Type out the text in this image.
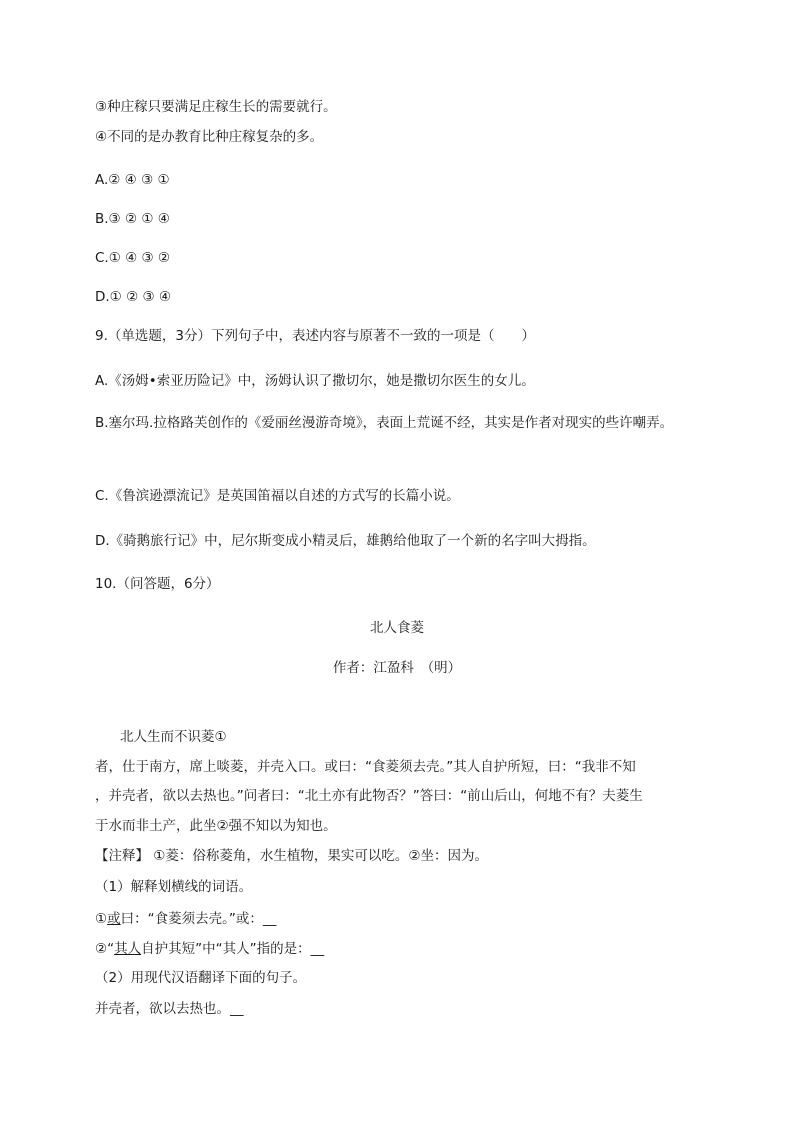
③种庄稼只要满足庄稼生长的需要就行。
④不同的是办教育比种庄稼复杂的多。
A.② ④ ③ ①
B.③ ② ① ④
C.① ④ ③ ②
D.① ② ③ ④
9.（单选题，3分）下列句子中，表述内容与原著不一致的一项是（　　）
A.《汤姆•索亚历险记》中，汤姆认识了撒切尔，她是撒切尔医生的女儿。
B.塞尔玛.拉格路芙创作的《爱丽丝漫游奇境》，表面上荒诞不经，其实是作者对现实的些许嘲弄。
C.《鲁滨逊漂流记》是英国笛福以自述的方式写的长篇小说。
D.《骑鹅旅行记》中，尼尔斯变成小精灵后，雄鹅给他取了一个新的名字叫大拇指。
10.（问答题，6分）
北人食菱
作者：江盈科　（明）
北人生而不识菱①
者，仕于南方，席上啖菱，并壳入口。或曰：“食菱须去壳。”其人自护所短，曰：“我非不知
，并壳者，欲以去热也。”问者曰：“北土亦有此物否？”答曰：“前山后山，何地不有？夫菱生
于水而非土产，此坐②强不知以为知也。
【注释】 ①菱：俗称菱角，水生植物，果实可以吃。②坐：因为。
（1）解释划横线的词语。
①或曰：“食菱须去壳。”或：__
②“其人自护其短”中“其人”指的是：__
（2）用现代汉语翻译下面的句子。
并壳者，欲以去热也。__
